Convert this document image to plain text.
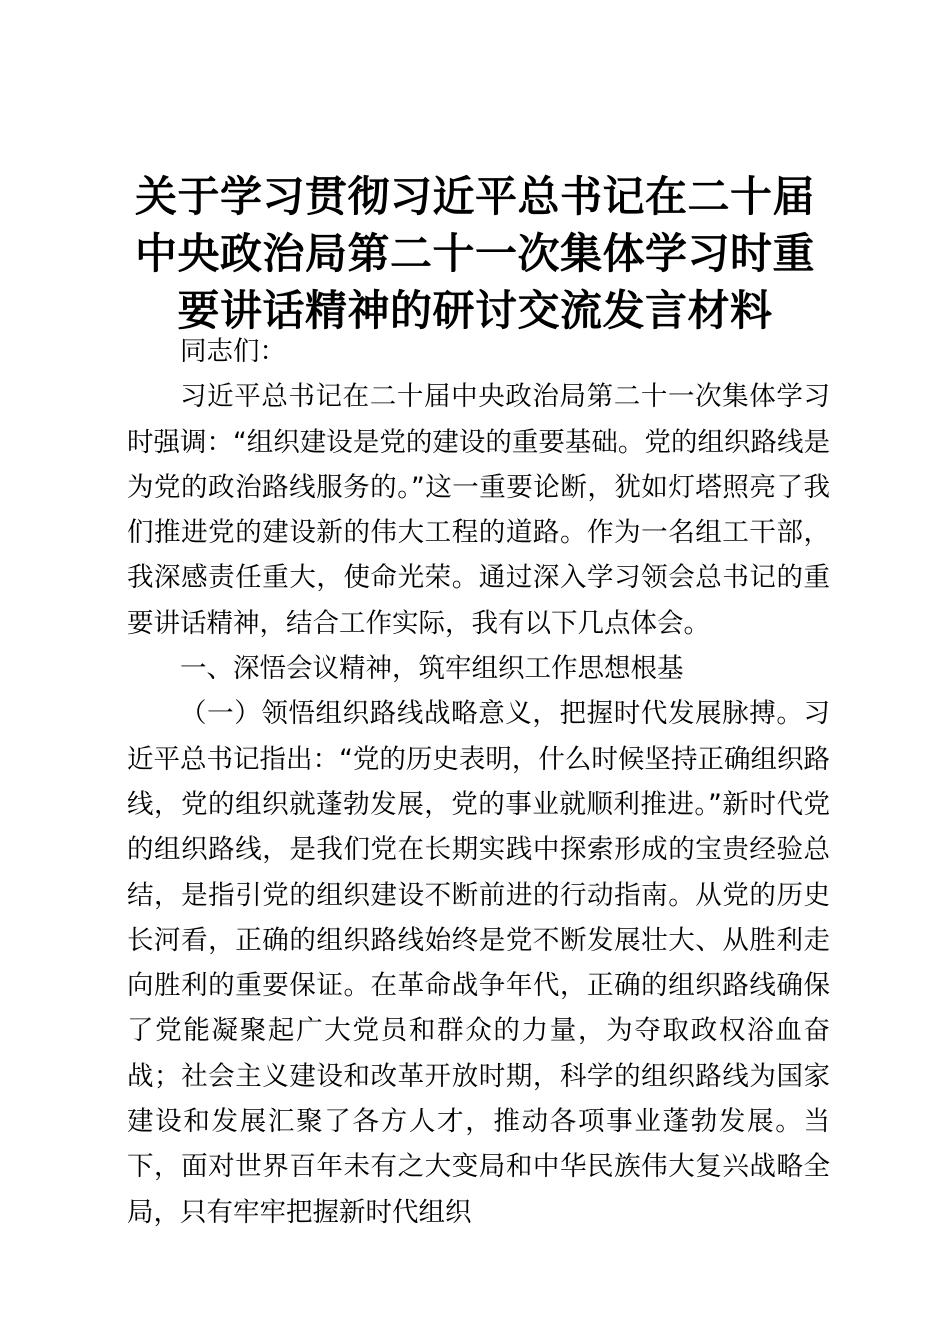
关于学习贯彻习近平总书记在二十届中央政治局第二十一次集体学习时重要讲话精神的研讨交流发言材料

同志们：

习近平总书记在二十届中央政治局第二十一次集体学习时强调：“组织建设是党的建设的重要基础。党的组织路线是为党的政治路线服务的。”这一重要论断，犹如灯塔照亮了我们推进党的建设新的伟大工程的道路。作为一名组工干部，我深感责任重大，使命光荣。通过深入学习领会总书记的重要讲话精神，结合工作实际，我有以下几点体会。

一、深悟会议精神，筑牢组织工作思想根基

（一）领悟组织路线战略意义，把握时代发展脉搏。习近平总书记指出：“党的历史表明，什么时候坚持正确组织路线，党的组织就蓬勃发展，党的事业就顺利推进。”新时代党的组织路线，是我们党在长期实践中探索形成的宝贵经验总结，是指引党的组织建设不断前进的行动指南。从党的历史长河看，正确的组织路线始终是党不断发展壮大、从胜利走向胜利的重要保证。在革命战争年代，正确的组织路线确保了党能凝聚起广大党员和群众的力量，为夺取政权浴血奋战；社会主义建设和改革开放时期，科学的组织路线为国家建设和发展汇聚了各方人才，推动各项事业蓬勃发展。当下，面对世界百年未有之大变局和中华民族伟大复兴战略全局，只有牢牢把握新时代组织
